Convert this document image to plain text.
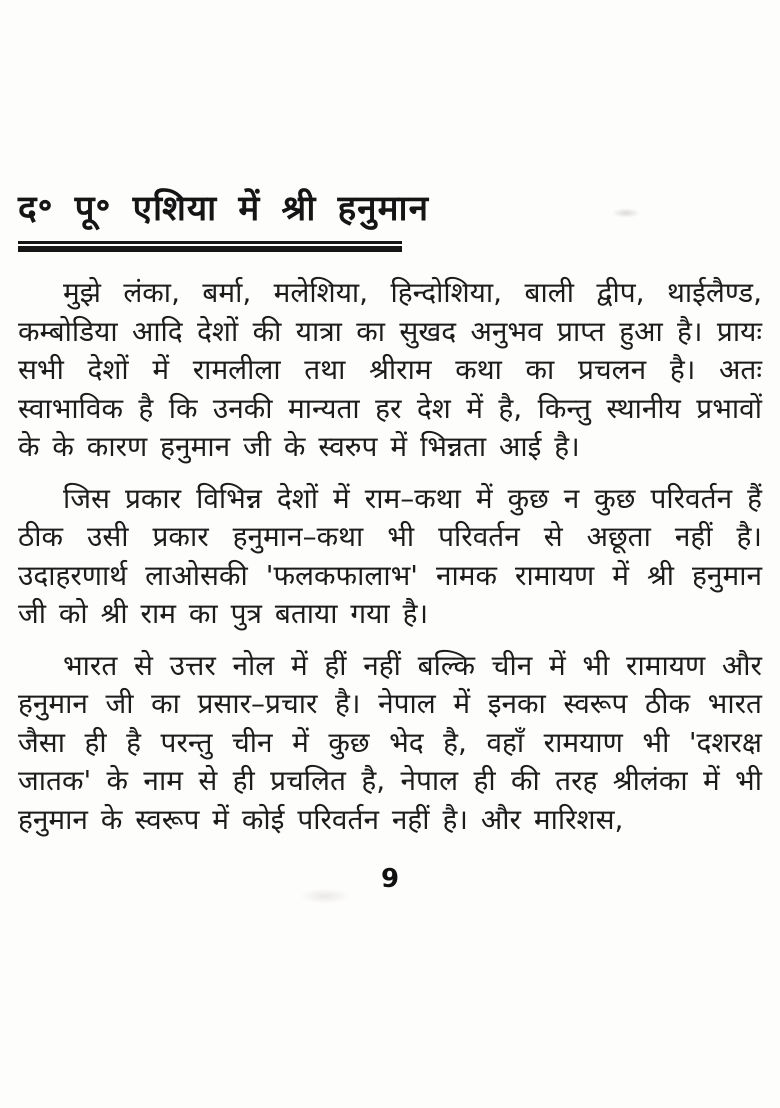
द॰ पू॰ एशिया में श्री हनुमान

मुझे लंका, बर्मा, मलेशिया, हिन्दोशिया, बाली द्वीप, थाईलैण्ड, कम्बोडिया आदि देशों की यात्रा का सुखद अनुभव प्राप्त हुआ है। प्रायः सभी देशों में रामलीला तथा श्रीराम कथा का प्रचलन है। अतः स्वाभाविक है कि उनकी मान्यता हर देश में है, किन्तु स्थानीय प्रभावों के के कारण हनुमान जी के स्वरुप में भिन्नता आई है।

जिस प्रकार विभिन्न देशों में राम–कथा में कुछ न कुछ परिवर्तन हैं ठीक उसी प्रकार हनुमान–कथा भी परिवर्तन से अछूता नहीं है। उदाहरणार्थ लाओसकी 'फलकफालाभ' नामक रामायण में श्री हनुमान जी को श्री राम का पुत्र बताया गया है।

भारत से उत्तर नोल में हीं नहीं बल्कि चीन में भी रामायण और हनुमान जी का प्रसार–प्रचार है। नेपाल में इनका स्वरूप ठीक भारत जैसा ही है परन्तु चीन में कुछ भेद है, वहाँ रामयाण भी 'दशरक्ष जातक' के नाम से ही प्रचलित है, नेपाल ही की तरह श्रीलंका में भी हनुमान के स्वरूप में कोई परिवर्तन नहीं है। और मारिशस,

9
